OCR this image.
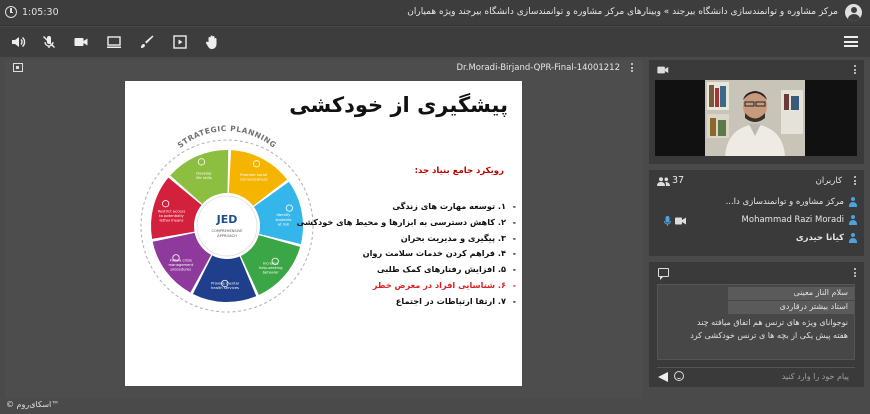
1:05:30	مرکز مشاوره و توانمندسازی دانشگاه بیرجند » وبینارهای مرکز مشاوره و توانمندسازی دانشگاه بیرجند ویژه همیاران
Dr.Moradi-Birjand-QPR-Final-14001212
STRATEGIC PLANNING
Promote social
connectedness
Identify
students
at risk
Increase
help-seeking
behavior
Provide mental
health services
Follow crisis
management
procedures
Restrict access
to potentially
lethal means
Develop
life skills
JED
COMPREHENSIVE
APPROACH
پیشگیری از خودکشی
رویکرد جامع بنیاد جد:
۱. توسعه مهارت های زندگی -
۲. کاهش دسترسی به ابزارها و محیط های خودکشی -
۳. پیگیری و مدیریت بحران -
۴. فراهم کردن خدمات سلامت روان -
۵. افزایش رفتارهای کمک طلبی -
۶. شناسایی افراد در معرض خطر -
۷. ارتقا ارتباطات در اجتماع -
37	کاربران
مرکز مشاوره و توانمندسازی دا...
Mohammad Razi Moradi
کیانا حیدری
سلام الناز معینی
استاد بیشتر درقاردی
نوجوانای ویژه های ترنس هم اتفاق میافته چند
هفته پیش یکی از بچه ها ی ترنس خودکشی کرد
پیام خود را وارد کنید
© اسکای‌روم™
